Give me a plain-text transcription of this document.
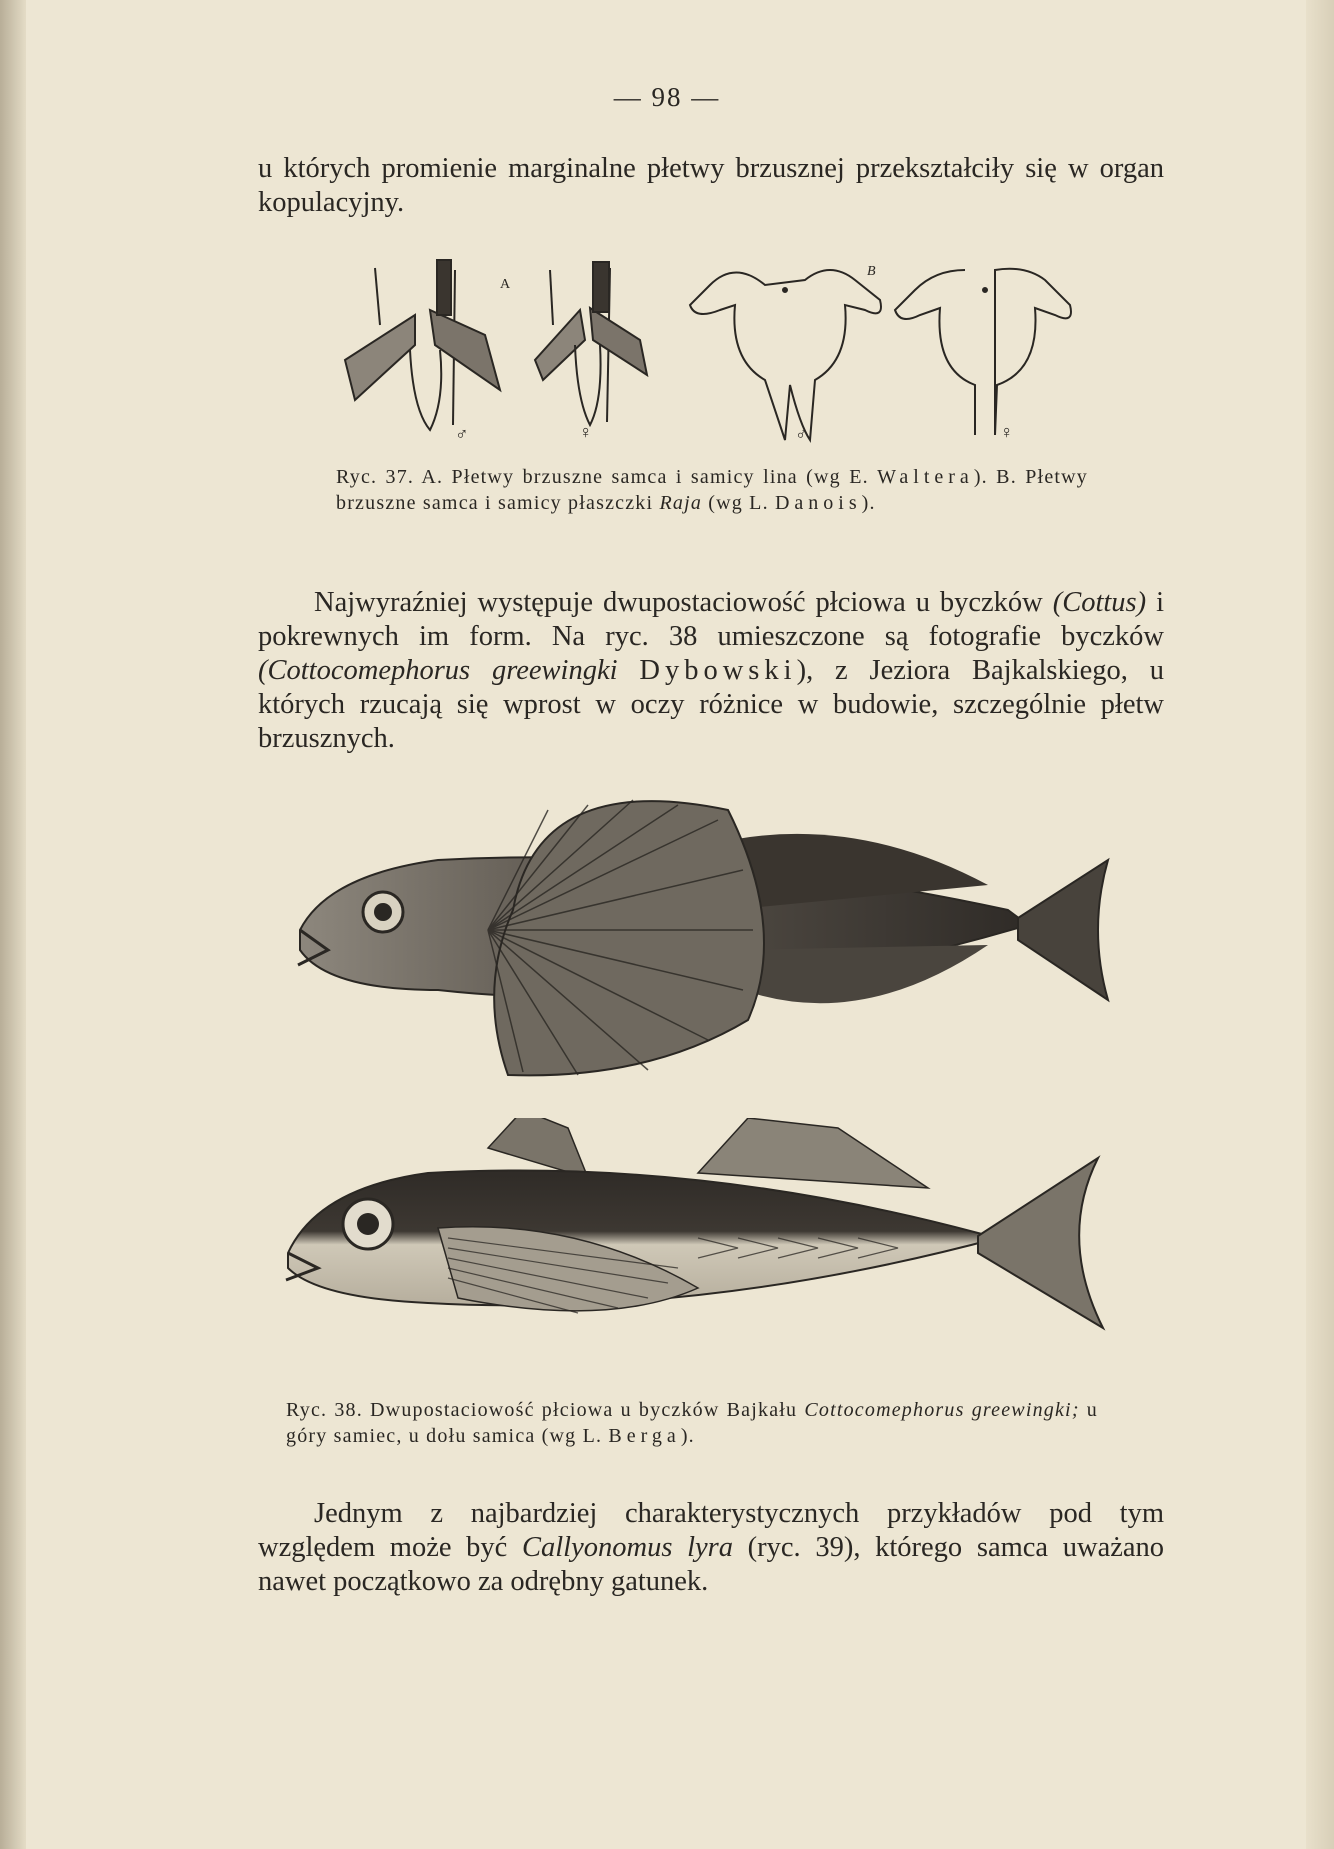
— 98 —

u których promienie marginalne płetwy brzusznej przekształciły się w organ kopulacyjny.

A
B
♂	♀	♂	♀

Ryc. 37. A. Płetwy brzuszne samca i samicy lina (wg E. Waltera). B. Płetwy brzuszne samca i samicy płaszczki Raja (wg L. Danois).

Najwyraźniej występuje dwupostaciowość płciowa u byczków (Cottus) i pokrewnych im form. Na ryc. 38 umieszczone są fotografie byczków (Cottocomephorus greewingki Dybowski), z Jeziora Bajkalskiego, u których rzucają się wprost w oczy różnice w budowie, szczególnie płetw brzusznych.

Ryc. 38. Dwupostaciowość płciowa u byczków Bajkału Cottocomephorus greewingki; u góry samiec, u dołu samica (wg L. Berga).

Jednym z najbardziej charakterystycznych przykładów pod tym względem może być Callyonomus lyra (ryc. 39), którego samca uważano nawet początkowo za odrębny gatunek.
